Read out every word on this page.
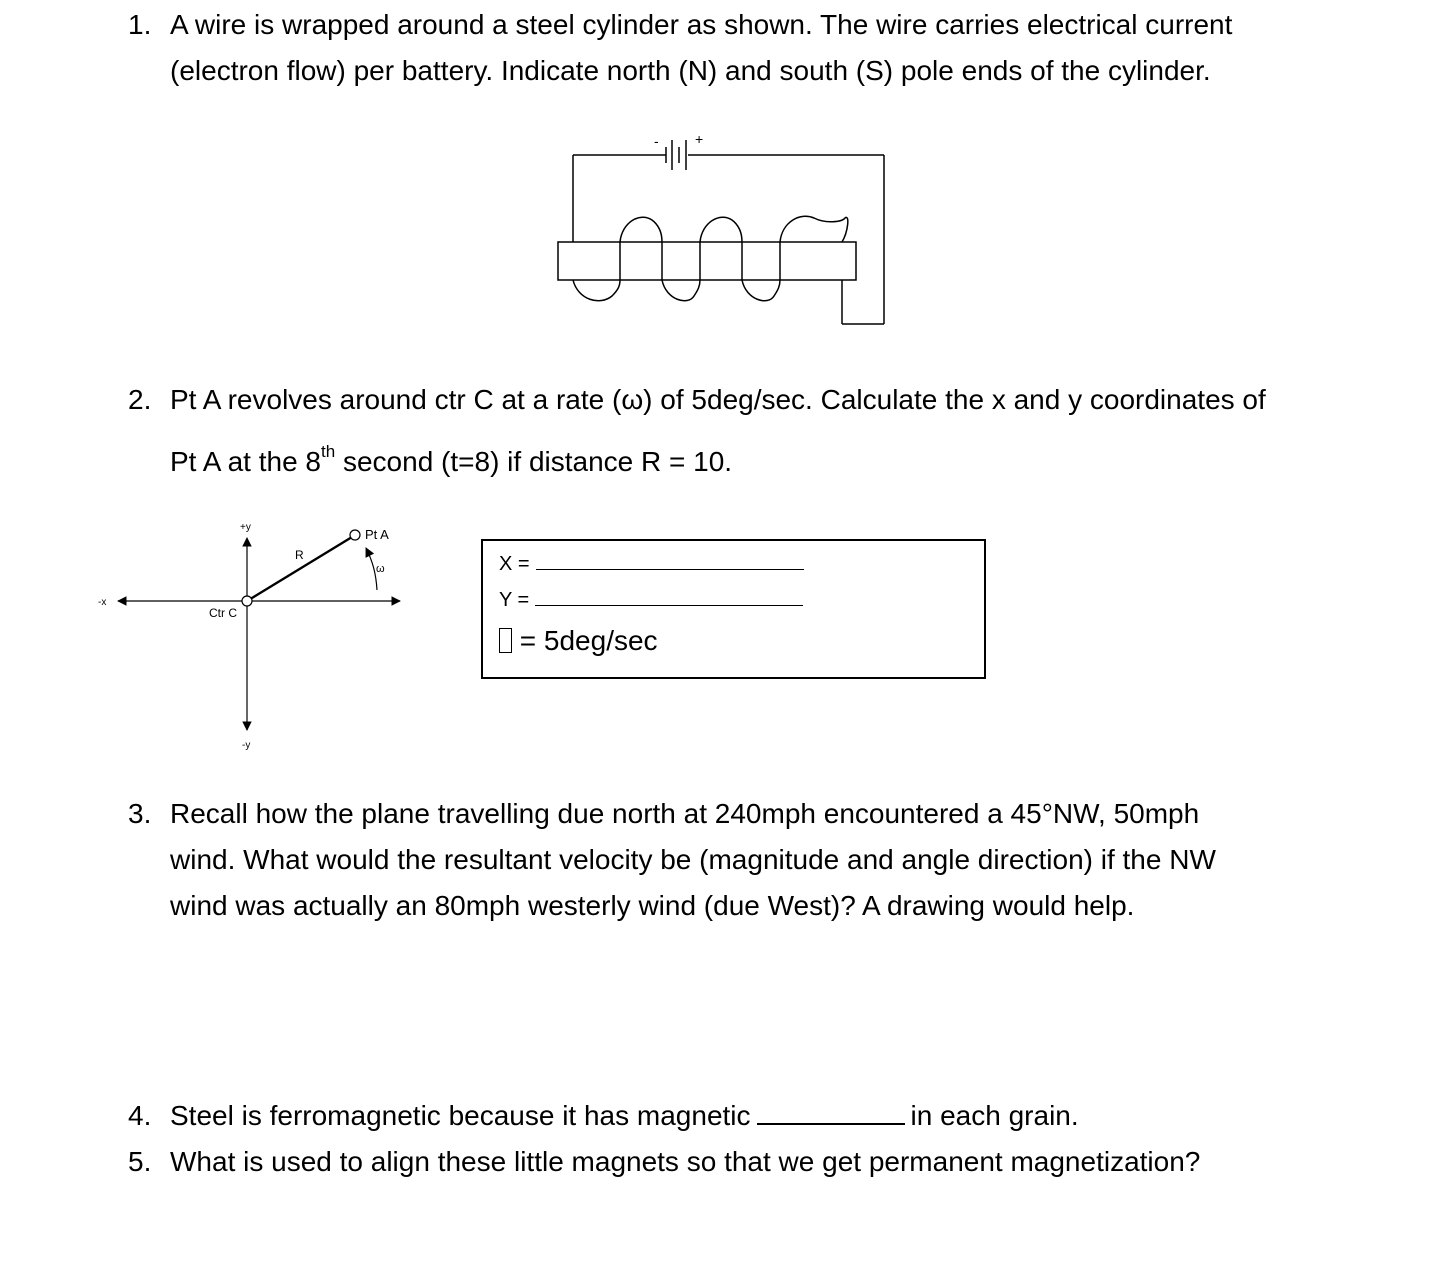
1. A wire is wrapped around a steel cylinder as shown. The wire carries electrical current
(electron flow) per battery. Indicate north (N) and south (S) pole ends of the cylinder.
-	+
2. Pt A revolves around ctr C at a rate (ω) of 5deg/sec. Calculate the x and y coordinates of
Pt A at the 8th second (t=8) if distance R = 10.
+y
-y
-x
Ctr C
Pt A
R
ω	X =
Y =
= 5deg/sec
3. Recall how the plane travelling due north at 240mph encountered a 45°NW, 50mph
wind. What would the resultant velocity be (magnitude and angle direction) if the NW
wind was actually an 80mph westerly wind (due West)? A drawing would help.
4. Steel is ferromagnetic because it has magnetic	in each grain.
5. What is used to align these little magnets so that we get permanent magnetization?
